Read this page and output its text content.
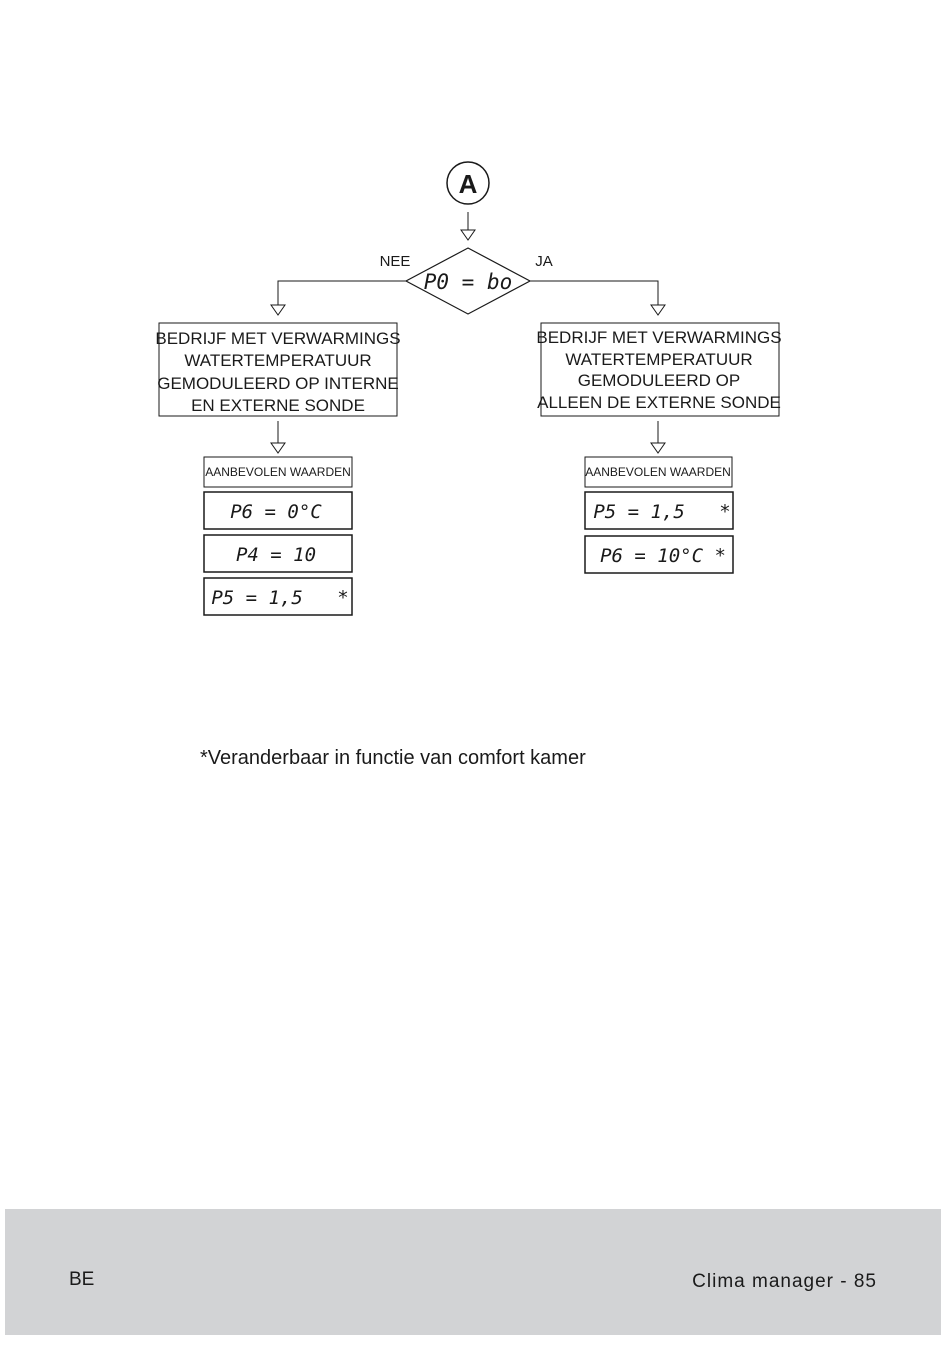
A
P0 = bo
NEE	JA
BEDRIJF MET VERWARMINGS
WATERTEMPERATUUR
GEMODULEERD OP INTERNE
EN EXTERNE SONDE
BEDRIJF MET VERWARMINGS
WATERTEMPERATUUR
GEMODULEERD OP
ALLEEN DE EXTERNE SONDE
AANBEVOLEN WAARDEN
P6 = 0°C
P4 = 10
P5 = 1,5   *
AANBEVOLEN WAARDEN
P5 = 1,5   *
P6 = 10°C *
*Veranderbaar in functie van comfort kamer
BE	Clima manager - 85
